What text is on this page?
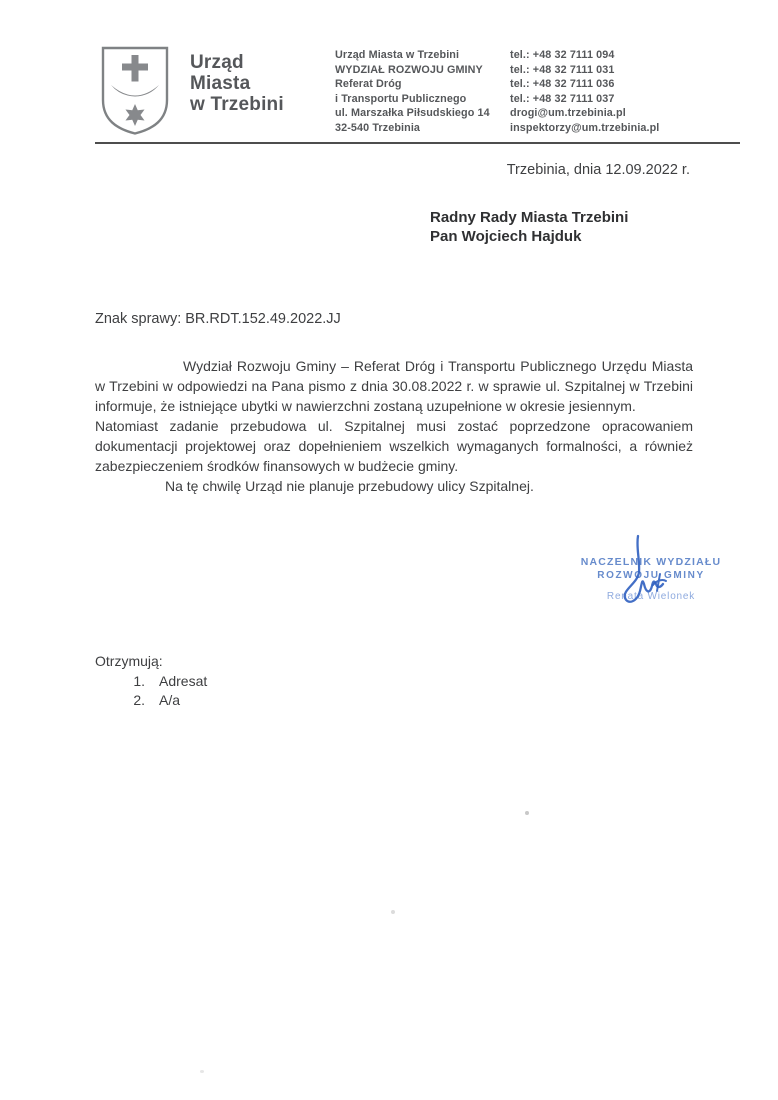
Urząd
Miasta
w Trzebini
Urząd Miasta w Trzebini
WYDZIAŁ ROZWOJU GMINY
Referat Dróg
i Transportu Publicznego
ul. Marszałka Piłsudskiego 14
32-540 Trzebinia
tel.: +48 32 7111 094
tel.: +48 32 7111 031
tel.: +48 32 7111 036
tel.: +48 32 7111 037
drogi@um.trzebinia.pl
inspektorzy@um.trzebinia.pl
Trzebinia, dnia 12.09.2022 r.
Radny Rady Miasta Trzebini
Pan Wojciech Hajduk
Znak sprawy: BR.RDT.152.49.2022.JJ

Wydział Rozwoju Gminy – Referat Dróg i Transportu Publicznego Urzędu Miasta w Trzebini w odpowiedzi na Pana pismo z dnia 30.08.2022 r. w sprawie ul. Szpitalnej w Trzebini informuje, że istniejące ubytki w nawierzchni zostaną uzupełnione w okresie jesiennym.

Natomiast zadanie przebudowa ul. Szpitalnej musi zostać poprzedzone opracowaniem dokumentacji projektowej oraz dopełnieniem wszelkich wymaganych formalności, a również zabezpieczeniem środków finansowych w budżecie gminy.

Na tę chwilę Urząd nie planuje przebudowy ulicy Szpitalnej.

NACZELNIK WYDZIAŁU
ROZWOJU GMINY
Renata Wielonek
Otrzymują:
1. Adresat
2. A/a
